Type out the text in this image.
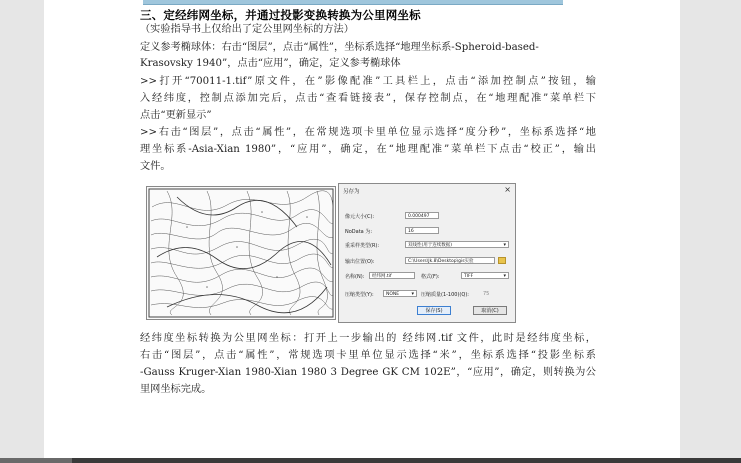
三、定经纬网坐标，并通过投影变换转换为公里网坐标
（实验指导书上仅给出了定公里网坐标的方法）
定义参考椭球体：右击“图层”，点击“属性”，坐标系选择“地理坐标系-Spheroid-based-
Krasovsky 1940”，点击“应用”，确定，定义参考椭球体
>>打开“70011-1.tif”原文件，在”影像配准”工具栏上，点击“添加控制点”按钮，输
入经纬度，控制点添加完后，点击“查看链接表”，保存控制点，在“地理配准”菜单栏下
点击“更新显示”
>>右击“图层”，点击“属性”，在常规选项卡里单位显示选择“度分秒”，坐标系选择“地
理坐标系-Asia-Xian 1980”，“应用”，确定，在“地理配准”菜单栏下点击“校正”，输出
文件。
另存为	×
像元大小(C):	0.000497
NoData 为:	16
重采样类型(R):	双线性(用于连续数据) ▾
输出位置(O):	C:\Users\Jk.8\Desktop\gis实验
名称(N):	经纬网.tif	格式(F):	TIFF ▾
压缩类型(Y):	NONE ▾	压缩质量(1-100)(Q):	75
保存(S)	取消(C)
经纬度坐标转换为公里网坐标：打开上一步输出的 经纬网.tif 文件，此时是经纬度坐标，
右击“图层”，点击“属性”，常规选项卡里单位显示选择“米”，坐标系选择“投影坐标系
-Gauss Kruger-Xian 1980-Xian 1980 3 Degree GK CM 102E”，“应用”，确定，则转换为公
里网坐标完成。
